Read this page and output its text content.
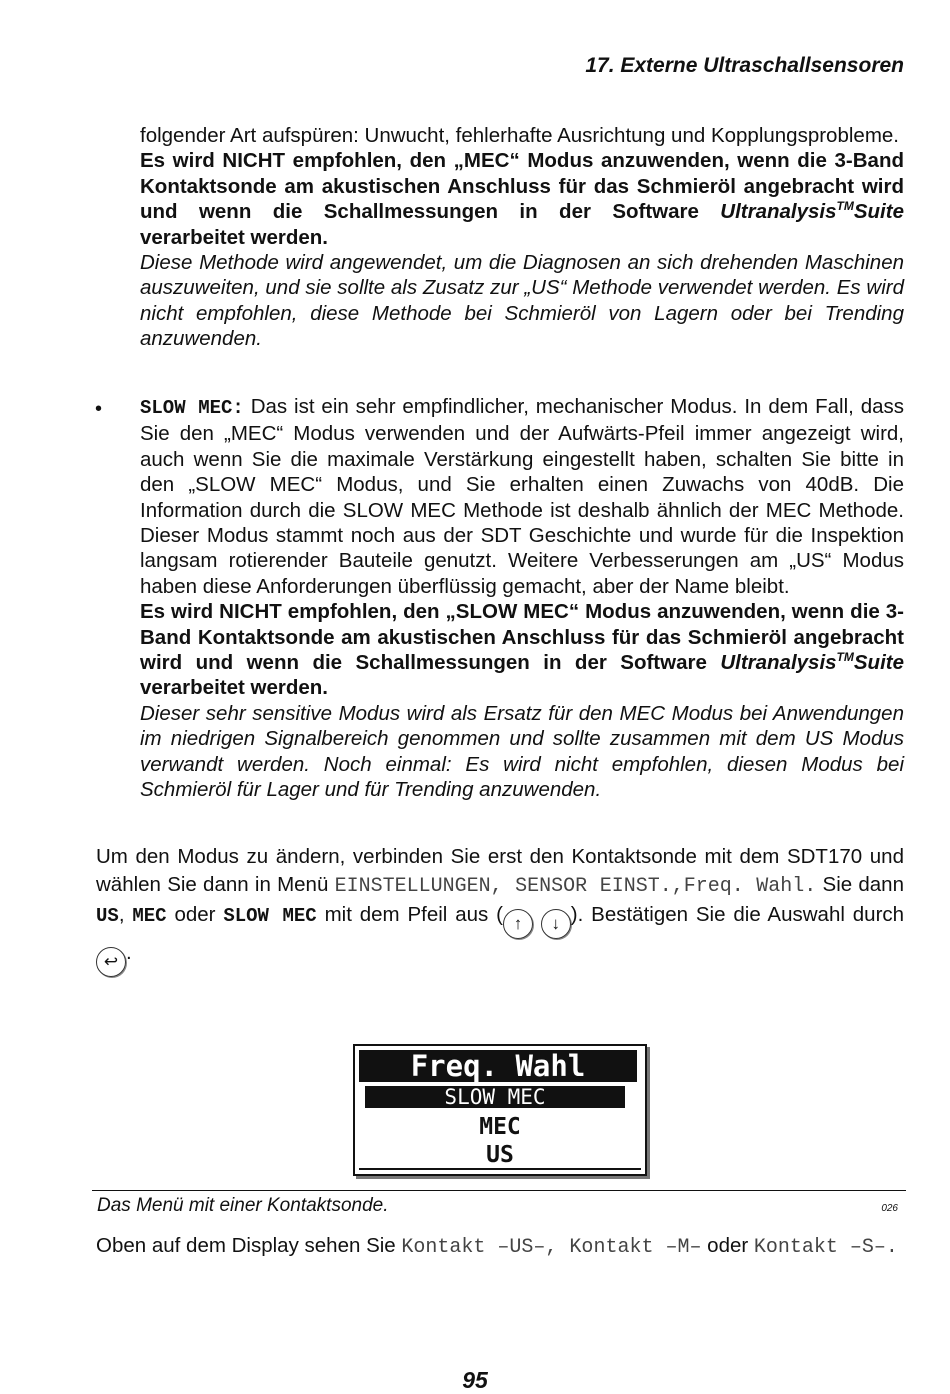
17. Externe Ultraschallsensoren

folgender Art aufspüren: Unwucht, fehlerhafte Ausrichtung und Kopplungsprobleme.

Es wird NICHT empfohlen, den „MEC“ Modus anzuwenden, wenn die 3-Band Kontaktsonde am akustischen Anschluss für das Schmieröl angebracht wird und wenn die Schallmessungen in der Software Ultranalysis™Suite verarbeitet werden.

Diese Methode wird angewendet, um die Diagnosen an sich drehenden Maschinen auszuweiten, und sie sollte als Zusatz zur „US“ Methode verwendet werden. Es wird nicht empfohlen, diese Methode bei Schmieröl von Lagern oder bei Trending anzuwenden.

• SLOW MEC: Das ist ein sehr empfindlicher, mechanischer Modus. In dem Fall, dass Sie den „MEC“ Modus verwenden und der Aufwärts-Pfeil immer angezeigt wird, auch wenn Sie die maximale Verstärkung eingestellt haben, schalten Sie bitte in den „SLOW MEC“ Modus, und Sie erhalten einen Zuwachs von 40dB. Die Information durch die SLOW MEC Methode ist deshalb ähnlich der MEC Methode. Dieser Modus stammt noch aus der SDT Geschichte und wurde für die Inspektion langsam rotierender Bauteile genutzt. Weitere Verbesserungen am „US“ Modus haben diese Anforderungen überflüssig gemacht, aber der Name bleibt.

Es wird NICHT empfohlen, den „SLOW MEC“ Modus anzuwenden, wenn die 3-Band Kontaktsonde am akustischen Anschluss für das Schmieröl angebracht wird und wenn die Schallmessungen in der Software Ultranalysis™Suite verarbeitet werden.

Dieser sehr sensitive Modus wird als Ersatz für den MEC Modus bei Anwendungen im niedrigen Signalbereich genommen und sollte zusammen mit dem US Modus verwandt werden. Noch einmal: Es wird nicht empfohlen, diesen Modus bei Schmieröl für Lager und für Trending anzuwenden.

Um den Modus zu ändern, verbinden Sie erst den Kontaktsonde mit dem SDT170 und wählen Sie dann in Menü EINSTELLUNGEN, SENSOR EINST.,Freq. Wahl. Sie dann US, MEC oder SLOW MEC mit dem Pfeil aus ( ↑ ↓ ). Bestätigen Sie die Auswahl durch ↩ .

Freq. Wahl
SLOW MEC
MEC
US
Das Menü mit einer Kontaktsonde.	026

Oben auf dem Display sehen Sie Kontakt –US–, Kontakt –M– oder Kontakt –S–.

95
